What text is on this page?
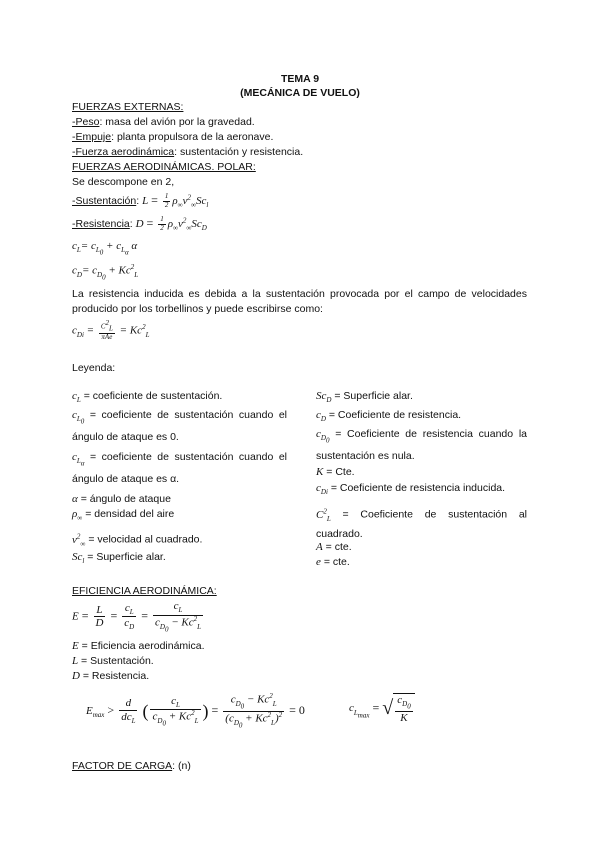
TEMA 9
(MECÁNICA DE VUELO)
FUERZAS EXTERNAS:
-Peso: masa del avión por la gravedad.
-Empuje: planta propulsora de la aeronave.
-Fuerza aerodinámica: sustentación y resistencia.
FUERZAS AERODINÁMICAS. POLAR:
Se descompone en 2,
-Sustentación: $L = \frac{1}{2} \rho_\infty v^2_\infty Sc_l$
-Resistencia: $D = \frac{1}{2} \rho_\infty v^2_\infty Sc_D$
$c_L= c_{L_0} + c_{L_\alpha}$ α
$c_D= c_{D_0} + Kc^2_L$
La resistencia inducida es debida a la sustentación provocada por el campo de velocidades producido por los torbellinos y puede escribirse como:
$c_{Di} = \frac{C^2_L}{\text{πAe}} = Kc^2_L$
Leyenda:
$c_L$ = coeficiente de sustentación.
$c_{L_0}$ = coeficiente de sustentación cuando el ángulo de ataque es 0.
$c_{L_\alpha}$ = coeficiente de sustentación cuando el ángulo de ataque es α.
α = ángulo de ataque
$\rho_\infty$ = densidad del aire
$v^2_\infty$ = velocidad al cuadrado.
$Sc_l$ = Superficie alar.
$Sc_D$ = Superficie alar.
$c_D$ = Coeficiente de resistencia.
$c_{D_0}$ = Coeficiente de resistencia cuando la sustentación es nula.
K = Cte.
$c_{Di}$ = Coeficiente de resistencia inducida.
$C^2_L$ = Coeficiente de sustentación al cuadrado.
A = cte.
e = cte.
EFICIENCIA AERODINÁMICA:
$E = \frac{L}{D} = \frac{c_L}{c_D} = \frac{c_L}{c_{D_0} - Kc^2_L}$
E = Eficiencia aerodinámica.
L = Sustentación.
D = Resistencia.
$E_{max} > \frac{d}{dc_L}$ ( $\frac{c_L}{c_{D_0} + Kc^2_L}$ ) = $\frac{c_{D_0} - Kc^2_L}{(c_{D_0} + Kc^2_L)^2} = 0$	$c_{L_{max}}$ = √ $\frac{c_{D_0}}{K}$
FACTOR DE CARGA: (n)
